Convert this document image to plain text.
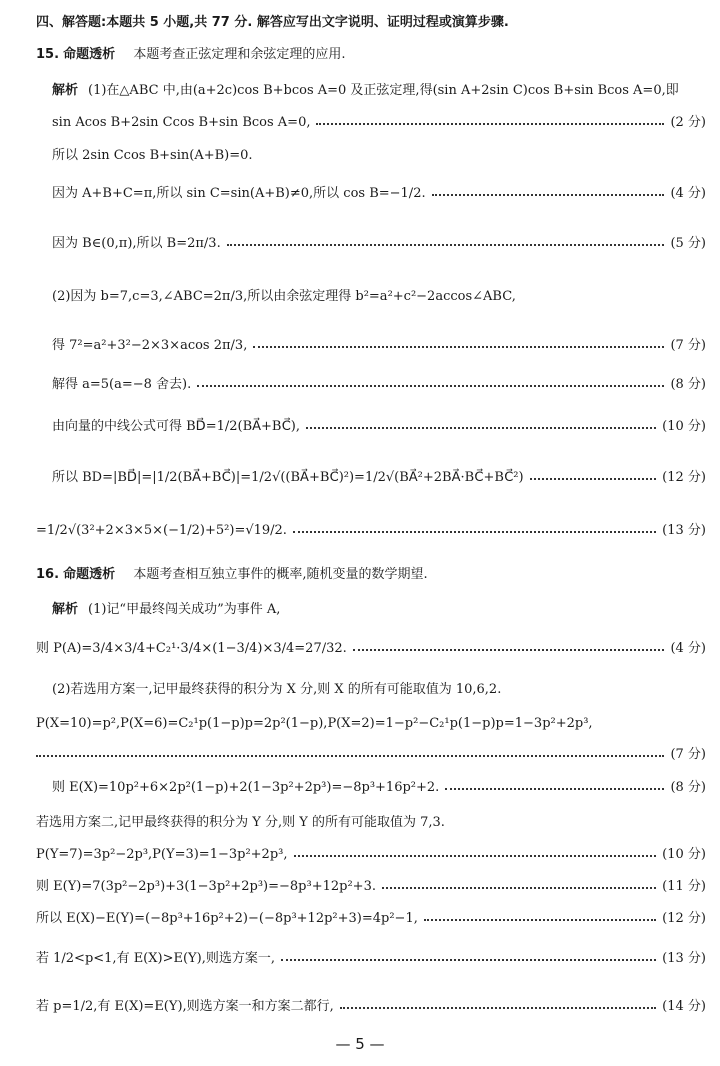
四、解答题:本题共 5 小题,共 77 分. 解答应写出文字说明、证明过程或演算步骤.
15. 命题透析 本题考查正弦定理和余弦定理的应用.
解析 (1)在△ABC 中,由(a+2c)cos B+bcos A=0 及正弦定理,得(sin A+2sin C)cos B+sin Bcos A=0,即
sin Acos B+2sin Ccos B+sin Bcos A=0,	(2 分)
所以 2sin Ccos B+sin(A+B)=0.
因为 A+B+C=π,所以 sin C=sin(A+B)≠0,所以 cos B=−1/2.	(4 分)
因为 B∈(0,π),所以 B=2π/3.	(5 分)
(2)因为 b=7,c=3,∠ABC=2π/3,所以由余弦定理得 b²=a²+c²−2accos∠ABC,
得 7²=a²+3²−2×3×acos 2π/3,	(7 分)
解得 a=5(a=−8 舍去).	(8 分)
由向量的中线公式可得 BD⃗=1/2(BA⃗+BC⃗),	(10 分)
所以 BD=|BD⃗|=|1/2(BA⃗+BC⃗)|=1/2√((BA⃗+BC⃗)²)=1/2√(BA⃗²+2BA⃗·BC⃗+BC⃗²)	(12 分)
=1/2√(3²+2×3×5×(−1/2)+5²)=√19/2.	(13 分)
16. 命题透析 本题考查相互独立事件的概率,随机变量的数学期望.
解析 (1)记“甲最终闯关成功”为事件 A,
则 P(A)=3/4×3/4+C₂¹·3/4×(1−3/4)×3/4=27/32.	(4 分)
(2)若选用方案一,记甲最终获得的积分为 X 分,则 X 的所有可能取值为 10,6,2.
P(X=10)=p²,P(X=6)=C₂¹p(1−p)p=2p²(1−p),P(X=2)=1−p²−C₂¹p(1−p)p=1−3p²+2p³,
(7 分)
则 E(X)=10p²+6×2p²(1−p)+2(1−3p²+2p³)=−8p³+16p²+2.	(8 分)
若选用方案二,记甲最终获得的积分为 Y 分,则 Y 的所有可能取值为 7,3.
P(Y=7)=3p²−2p³,P(Y=3)=1−3p²+2p³,	(10 分)
则 E(Y)=7(3p²−2p³)+3(1−3p²+2p³)=−8p³+12p²+3.	(11 分)
所以 E(X)−E(Y)=(−8p³+16p²+2)−(−8p³+12p²+3)=4p²−1,	(12 分)
若 1/2<p<1,有 E(X)>E(Y),则选方案一,	(13 分)
若 p=1/2,有 E(X)=E(Y),则选方案一和方案二都行,	(14 分)
— 5 —
